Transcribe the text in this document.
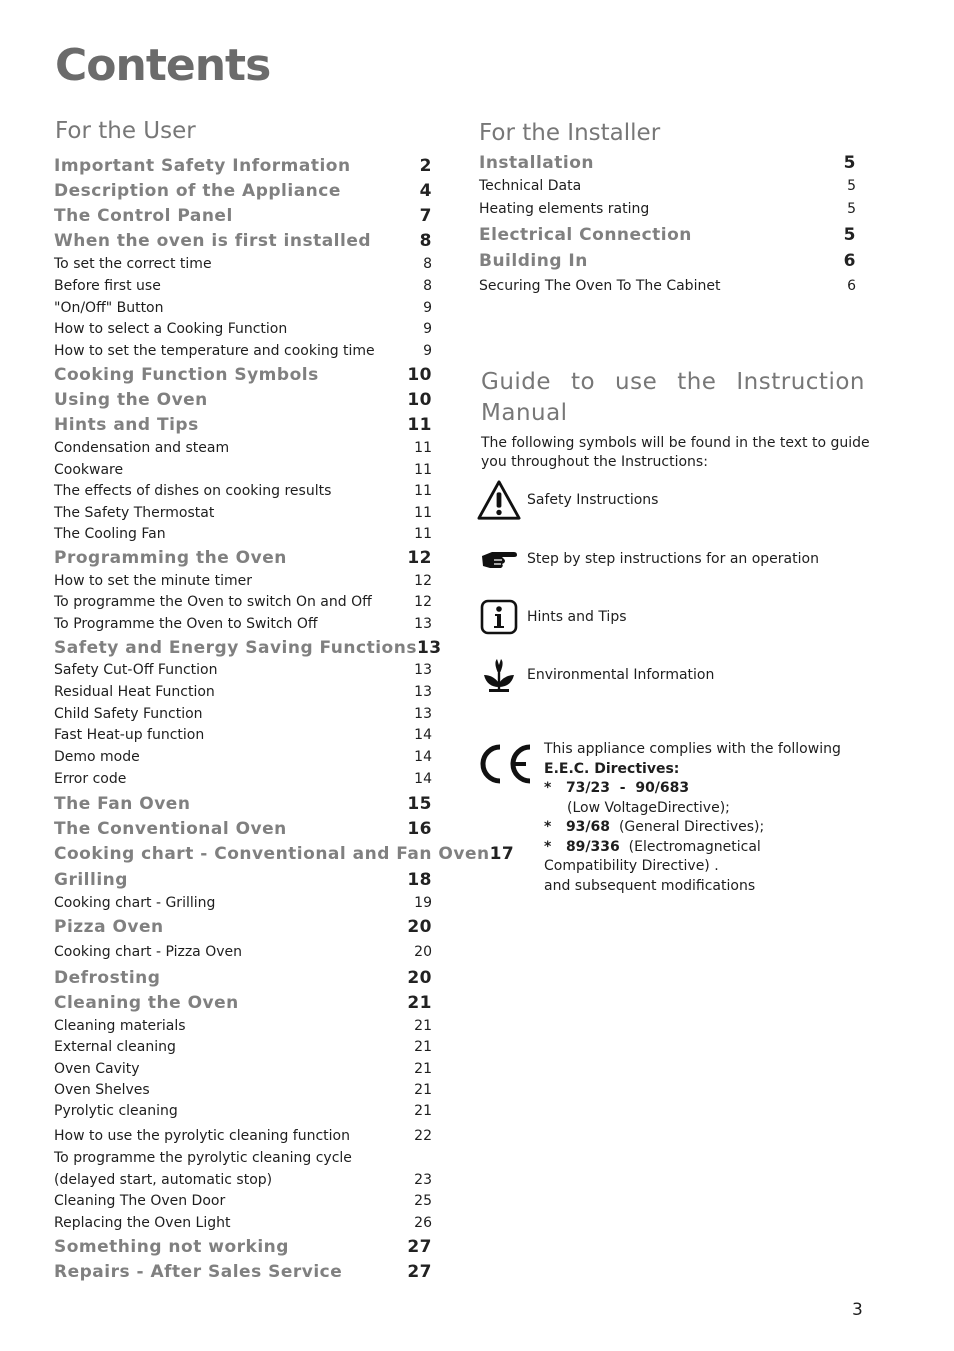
Contents
For the User
Important Safety Information	2
Description of the Appliance	4
The Control Panel	7
When the oven is first installed	8
To set the correct time	8
Before first use	8
"On/Off" Button	9
How to select a Cooking Function	9
How to set the temperature and cooking time	9
Cooking Function Symbols	10
Using the Oven	10
Hints and Tips	11
Condensation and steam	11
Cookware	11
The effects of dishes on cooking results	11
The Safety Thermostat	11
The Cooling Fan	11
Programming the Oven	12
How to set the minute timer	12
To programme the Oven to switch On and Off	12
To Programme the Oven to Switch Off	13
Safety and Energy Saving Functions 13
Safety Cut-Off Function	13
Residual Heat Function	13
Child Safety Function	13
Fast Heat-up function	14
Demo mode	14
Error code	14
The Fan Oven	15
The Conventional Oven	16
Cooking chart - Conventional and Fan Oven 17
Grilling	18
Cooking chart - Grilling	19
Pizza Oven	20
Cooking chart - Pizza Oven	20
Defrosting	20
Cleaning the Oven	21
Cleaning materials	21
External cleaning	21
Oven Cavity	21
Oven Shelves	21
Pyrolytic cleaning	21
How to use the pyrolytic cleaning function	22
To programme the pyrolytic cleaning cycle
(delayed start, automatic stop)	23
Cleaning The Oven Door	25
Replacing the Oven Light	26
Something not working	27
Repairs - After Sales Service	27
For the Installer
Installation	5
Technical Data	5
Heating elements rating	5
Electrical Connection	5
Building In	6
Securing The Oven To The Cabinet	6
Guide to use the Instruction Manual
The following symbols will be found in the text to guide you throughout the Instructions:
Safety Instructions
Step by step instructions for an operation
Hints and Tips
Environmental Information
This appliance complies with the following
E.E.C. Directives:
*   73/23  -  90/683
(Low VoltageDirective);
*   93/68 (General Directives);
*   89/336 (Electromagnetical
Compatibility Directive) .
and subsequent modifications
3
